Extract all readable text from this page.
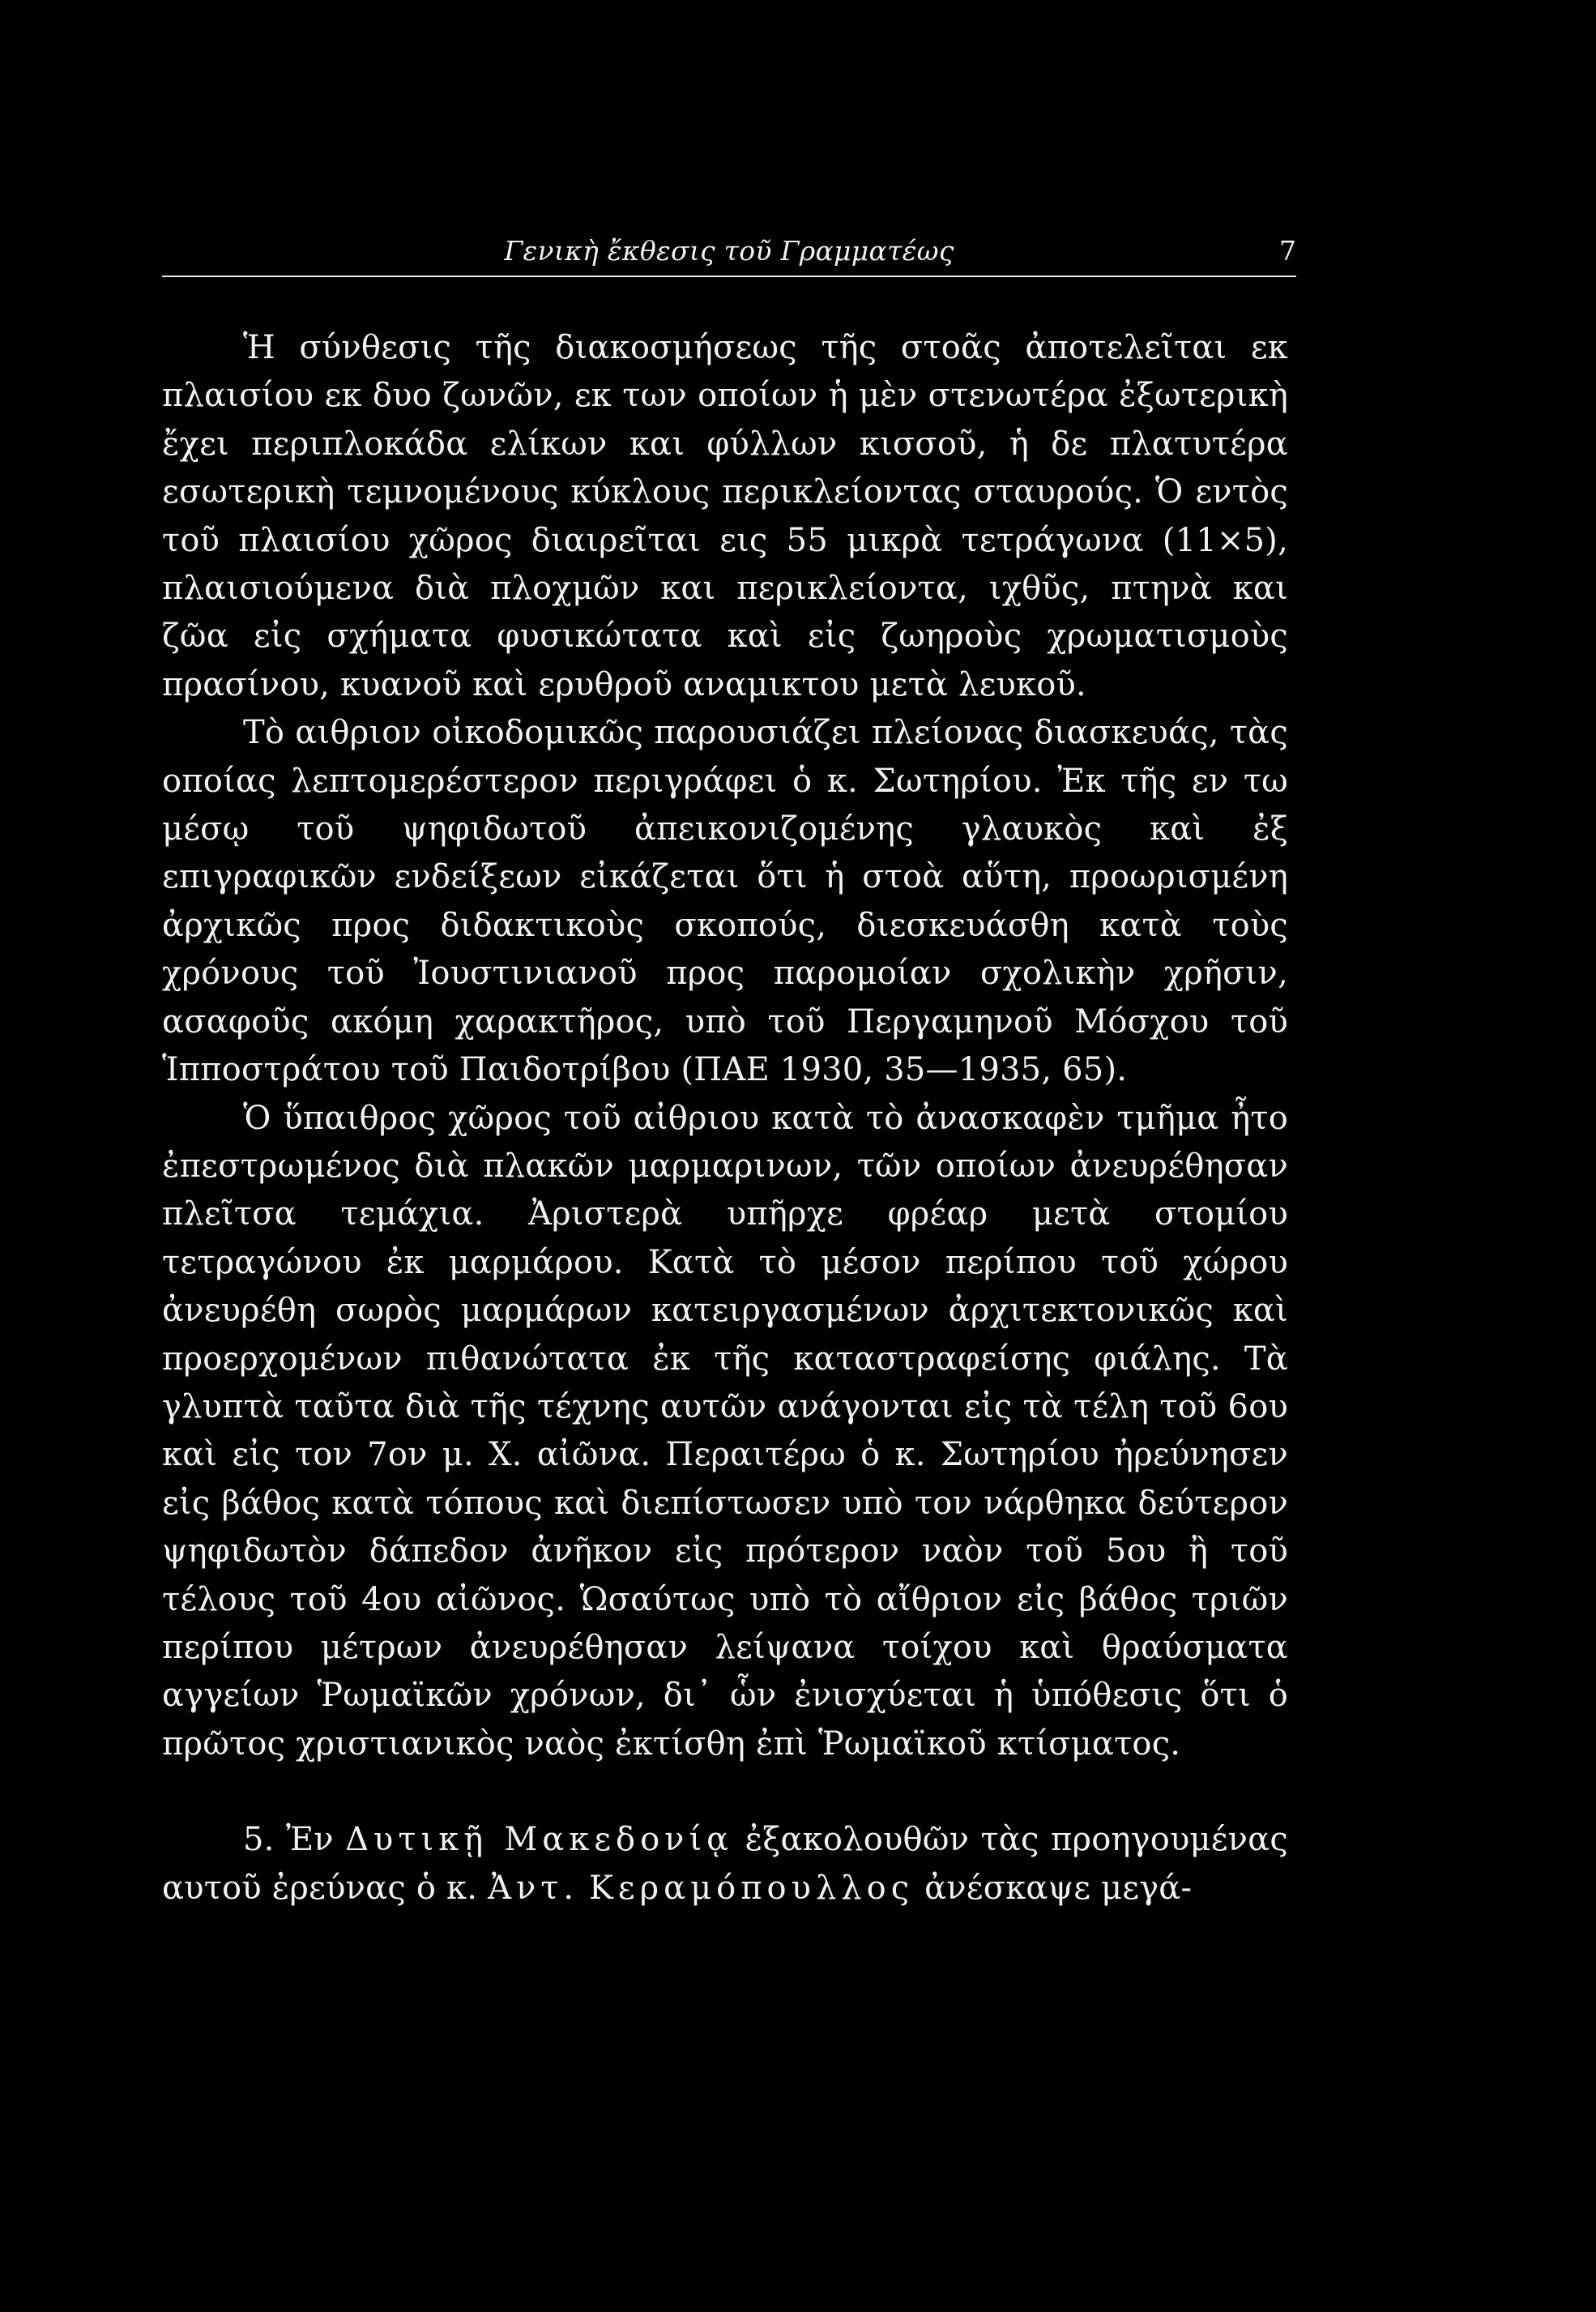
Γενικὴ ἔκθεσις τοῦ Γραμματέως	7

Ἡ σύνθεσις τῆς διακοσμήσεως τῆς στοᾶς ἀποτελεῖται εκ πλαισίου εκ δυο ζωνῶν, εκ των οποίων ἡ μὲν στενωτέρα ἐξωτερικὴ ἔχει περιπλοκάδα ελίκων και φύλλων κισσοῦ, ἡ δε πλατυτέρα εσωτερικὴ τεμνομένους κύκλους περικλείοντας σταυρούς. Ὁ εντὸς τοῦ πλαισίου χῶρος διαιρεῖται εις 55 μικρὰ τετράγωνα (11×5), πλαισιούμενα διὰ πλοχμῶν και περικλείοντα, ιχθῦς, πτηνὰ και ζῶα εἰς σχήματα φυσικώτατα καὶ εἰς ζωηροὺς χρωματισμοὺς πρασίνου, κυανοῦ καὶ ερυθροῦ αναμικτου μετὰ λευκοῦ.

Τὸ αιθριον οἰκοδομικῶς παρουσιάζει πλείονας διασκευάς, τὰς οποίας λεπτομερέστερον περιγράφει ὁ κ. Σωτηρίου. Ἐκ τῆς εν τω μέσῳ τοῦ ψηφιδωτοῦ ἀπεικονιζομένης γλαυκὸς καὶ ἐξ επιγραφικῶν ενδείξεων εἰκάζεται ὅτι ἡ στοὰ αὕτη, προωρισμένη ἀρχικῶς προς διδακτικοὺς σκοπούς, διεσκευάσθη κατὰ τοὺς χρόνους τοῦ Ἰουστινιανοῦ προς παρομοίαν σχολικὴν χρῆσιν, ασαφοῦς ακόμη χαρακτῆρος, υπὸ τοῦ Περγαμηνοῦ Μόσχου τοῦ Ἱπποστράτου τοῦ Παιδοτρίβου (ΠΑΕ 1930, 35—1935, 65).

Ὁ ὕπαιθρος χῶρος τοῦ αἰθριου κατὰ τὸ ἀνασκαφὲν τμῆμα ἦτο ἐπεστρωμένος διὰ πλακῶν μαρμαρινων, τῶν οποίων ἀνευρέθησαν πλεῖτσα τεμάχια. Ἀριστερὰ υπῆρχε φρέαρ μετὰ στομίου τετραγώνου ἐκ μαρμάρου. Κατὰ τὸ μέσον περίπου τοῦ χώρου ἀνευρέθη σωρὸς μαρμάρων κατειργασμένων ἀρχιτεκτονικῶς καὶ προερχομένων πιθανώτατα ἐκ τῆς καταστραφείσης φιάλης. Τὰ γλυπτὰ ταῦτα διὰ τῆς τέχνης αυτῶν ανάγονται εἰς τὰ τέλη τοῦ 6ου καὶ εἰς τον 7ον μ. Χ. αἰῶνα. Περαιτέρω ὁ κ. Σωτηρίου ἠρεύνησεν εἰς βάθος κατὰ τόπους καὶ διεπίστωσεν υπὸ τον νάρθηκα δεύτερον ψηφιδωτὸν δάπεδον ἀνῆκον εἰς πρότερον ναὸν τοῦ 5ου ἢ τοῦ τέλους τοῦ 4ου αἰῶνος. Ὡσαύτως υπὸ τὸ αἴθριον εἰς βάθος τριῶν περίπου μέτρων ἀνευρέθησαν λείψανα τοίχου καὶ θραύσματα αγγείων Ῥωμαϊκῶν χρόνων, δι᾽ ὧν ἐνισχύεται ἡ ὑπόθεσις ὅτι ὁ πρῶτος χριστιανικὸς ναὸς ἐκτίσθη ἐπὶ Ῥωμαϊκοῦ κτίσματος.

5. Ἐν Δυτικῇ Μακεδονίᾳ ἐξακολουθῶν τὰς προηγουμένας αυτοῦ ἐρεύνας ὁ κ. Ἀντ. Κεραμόπουλλος ἀνέσκαψε μεγά-
